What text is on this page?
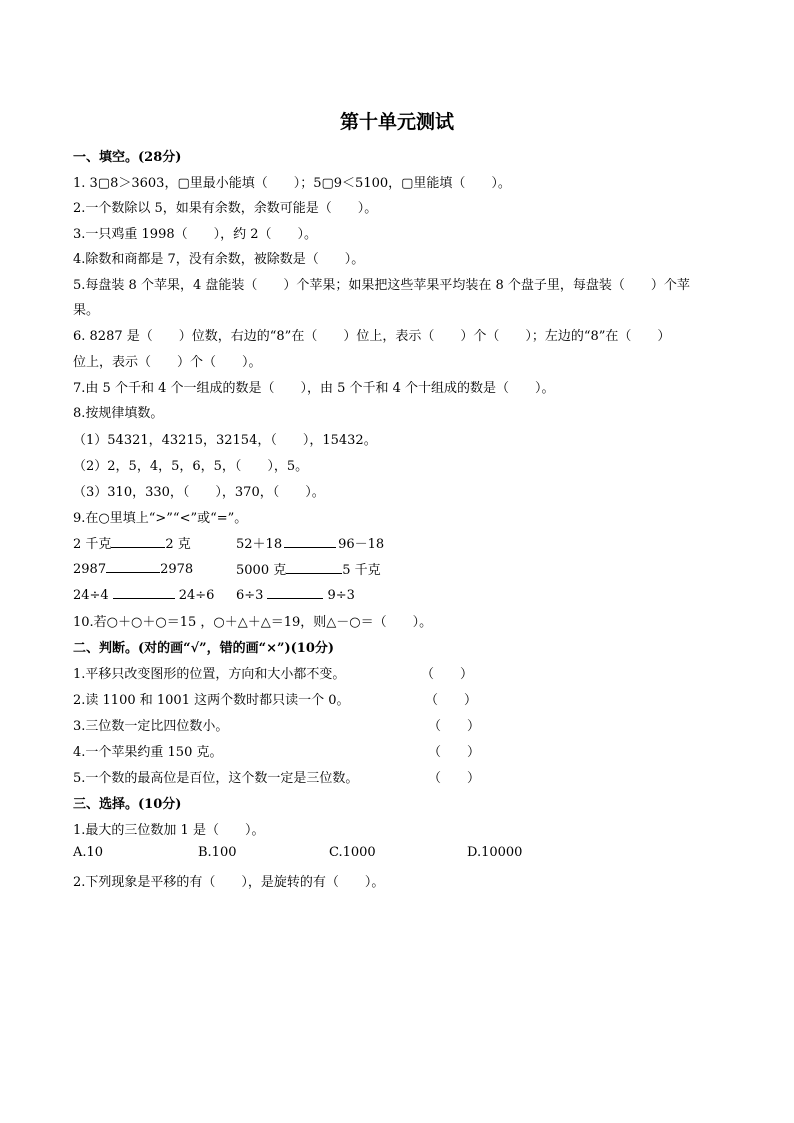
第十单元测试
一、填空。(28分)
1. 3▢8＞3603，▢里最小能填（　　）；5▢9＜5100，▢里能填（　　）。
2.一个数除以 5，如果有余数，余数可能是（　　）。
3.一只鸡重 1998（　　），约 2（　　）。
4.除数和商都是 7，没有余数，被除数是（　　）。
5.每盘装 8 个苹果，4 盘能装（　　）个苹果；如果把这些苹果平均装在 8 个盘子里，每盘装（　　）个苹
果。
6. 8287 是（　　）位数，右边的“8”在（　　）位上，表示（　　）个（　　）；左边的“8”在（　　）
位上，表示（　　）个（　　）。
7.由 5 个千和 4 个一组成的数是（　　），由 5 个千和 4 个十组成的数是（　　）。
8.按规律填数。
（1）54321，43215，32154，（　　），15432。
（2）2，5，4，5，6，5，（　　），5。
（3）310，330，（　　），370，（　　）。
9.在○里填上“>”“<”或“=”。
2 千克	2 克	52＋18	96－18
2987	2978	5000 克	5 千克
24÷4	24÷6 6÷3	9÷3
10.若○＋○＋○＝15 ，○＋△＋△＝19，则△－○＝（　　）。
二、判断。(对的画“√”，错的画“×”)(10分)
1.平移只改变图形的位置，方向和大小都不变。	（　　）
2.读 1100 和 1001 这两个数时都只读一个 0。	（　　）
3.三位数一定比四位数小。	（　　）
4.一个苹果约重 150 克。	（　　）
5.一个数的最高位是百位，这个数一定是三位数。	（　　）
三、选择。(10分)
1.最大的三位数加 1 是（　　）。
A.10	B.100	C.1000	D.10000
2.下列现象是平移的有（　　），是旋转的有（　　）。
